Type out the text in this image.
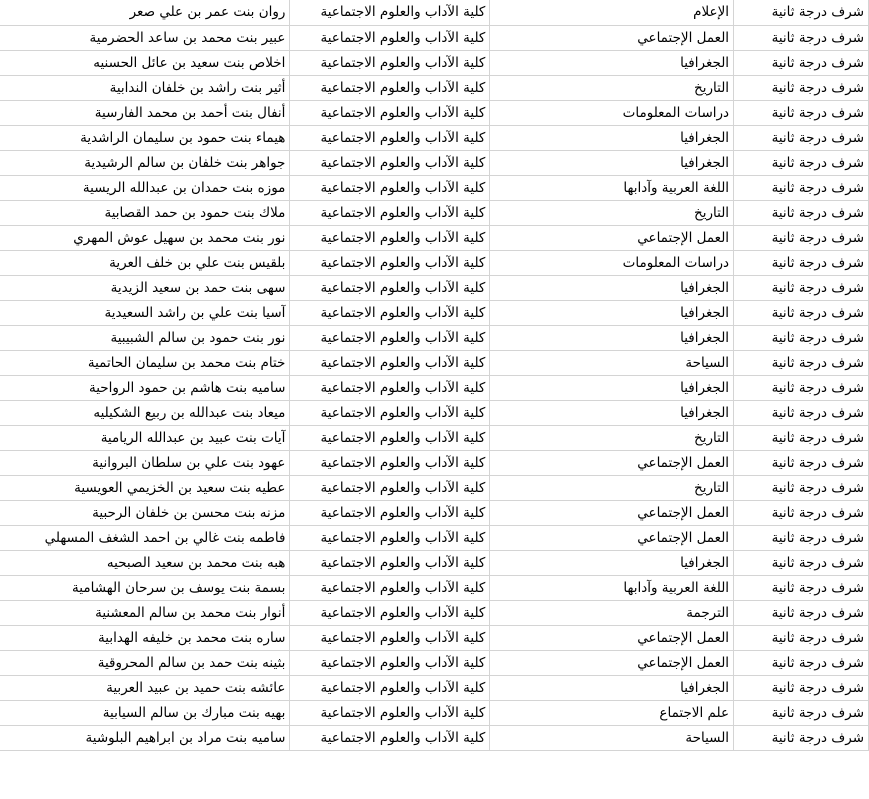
روان بنت عمر بن علي صعر	كلية الآداب والعلوم الاجتماعية	الإعلام	شرف درجة ثانية
عبير بنت محمد بن ساعد الحضرمية	كلية الآداب والعلوم الاجتماعية	العمل الإجتماعي	شرف درجة ثانية
اخلاص بنت سعيد بن عائل الحسنيه	كلية الآداب والعلوم الاجتماعية	الجغرافيا	شرف درجة ثانية
أثير بنت راشد بن خلفان الندابية	كلية الآداب والعلوم الاجتماعية	التاريخ	شرف درجة ثانية
أنفال بنت أحمد بن محمد الفارسية	كلية الآداب والعلوم الاجتماعية	دراسات المعلومات	شرف درجة ثانية
هيماء بنت حمود بن سليمان الراشدية	كلية الآداب والعلوم الاجتماعية	الجغرافيا	شرف درجة ثانية
جواهر بنت خلفان بن سالم الرشيدية	كلية الآداب والعلوم الاجتماعية	الجغرافيا	شرف درجة ثانية
موزه بنت حمدان بن عبدالله الريسية	كلية الآداب والعلوم الاجتماعية	اللغة العربية وآدابها	شرف درجة ثانية
ملاك بنت حمود بن حمد القصابية	كلية الآداب والعلوم الاجتماعية	التاريخ	شرف درجة ثانية
نور بنت محمد بن سهيل عوش المهري	كلية الآداب والعلوم الاجتماعية	العمل الإجتماعي	شرف درجة ثانية
بلقيس بنت علي بن خلف العرية	كلية الآداب والعلوم الاجتماعية	دراسات المعلومات	شرف درجة ثانية
سهى بنت حمد بن سعيد الزيدية	كلية الآداب والعلوم الاجتماعية	الجغرافيا	شرف درجة ثانية
آسيا بنت علي بن راشد السعيدية	كلية الآداب والعلوم الاجتماعية	الجغرافيا	شرف درجة ثانية
نور بنت حمود بن سالم الشبيبية	كلية الآداب والعلوم الاجتماعية	الجغرافيا	شرف درجة ثانية
ختام بنت محمد بن سليمان الحاتمية	كلية الآداب والعلوم الاجتماعية	السياحة	شرف درجة ثانية
ساميه بنت هاشم بن حمود الرواحية	كلية الآداب والعلوم الاجتماعية	الجغرافيا	شرف درجة ثانية
ميعاد بنت عبدالله بن ربيع الشكيليه	كلية الآداب والعلوم الاجتماعية	الجغرافيا	شرف درجة ثانية
آيات بنت عبيد بن عبدالله الريامية	كلية الآداب والعلوم الاجتماعية	التاريخ	شرف درجة ثانية
عهود بنت علي بن سلطان البروانية	كلية الآداب والعلوم الاجتماعية	العمل الإجتماعي	شرف درجة ثانية
عطيه بنت سعيد بن الخزيمي العويسية	كلية الآداب والعلوم الاجتماعية	التاريخ	شرف درجة ثانية
مزنه بنت محسن بن خلفان الرحبية	كلية الآداب والعلوم الاجتماعية	العمل الإجتماعي	شرف درجة ثانية
فاطمه بنت غالي بن احمد الشغف المسهلي	كلية الآداب والعلوم الاجتماعية	العمل الإجتماعي	شرف درجة ثانية
هبه بنت محمد بن سعيد الصبحيه	كلية الآداب والعلوم الاجتماعية	الجغرافيا	شرف درجة ثانية
بسمة بنت يوسف بن سرحان الهشامية	كلية الآداب والعلوم الاجتماعية	اللغة العربية وآدابها	شرف درجة ثانية
أنوار بنت محمد بن سالم المعشنية	كلية الآداب والعلوم الاجتماعية	الترجمة	شرف درجة ثانية
ساره بنت محمد بن خليفه الهدابية	كلية الآداب والعلوم الاجتماعية	العمل الإجتماعي	شرف درجة ثانية
بثينه بنت حمد بن سالم المحروقية	كلية الآداب والعلوم الاجتماعية	العمل الإجتماعي	شرف درجة ثانية
عائشه بنت حميد بن عبيد العربية	كلية الآداب والعلوم الاجتماعية	الجغرافيا	شرف درجة ثانية
بهيه بنت مبارك بن سالم السيابية	كلية الآداب والعلوم الاجتماعية	علم الاجتماع	شرف درجة ثانية
ساميه بنت مراد بن ابراهيم البلوشية	كلية الآداب والعلوم الاجتماعية	السياحة	شرف درجة ثانية
